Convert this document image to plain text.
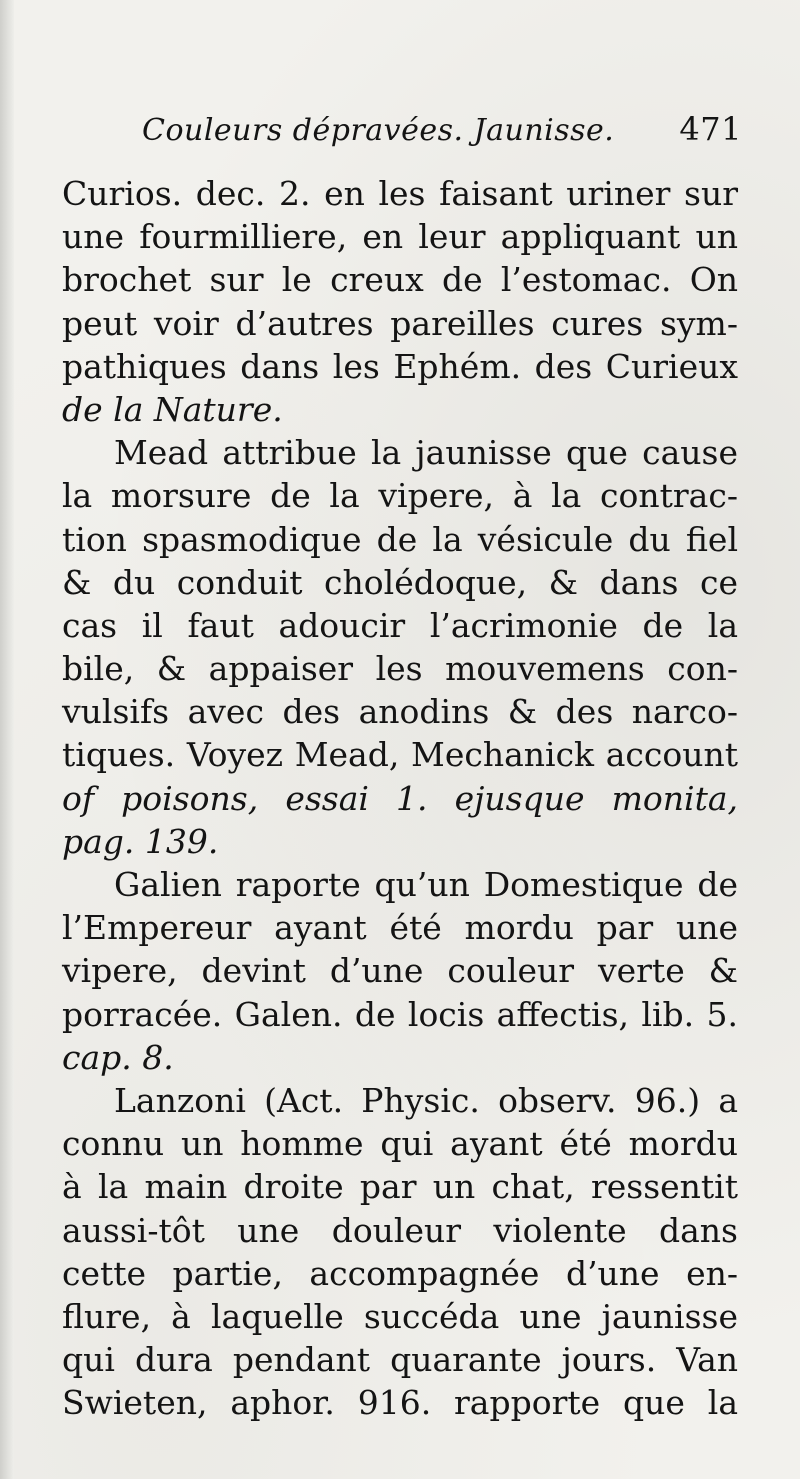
Couleurs dépravées. Jaunisse. 471
Curios. dec. 2. en les faisant uriner sur
une fourmilliere, en leur appliquant un
brochet sur le creux de l’estomac. On
peut voir d’autres pareilles cures sym-
pathiques dans les Ephém. des Curieux
de la Nature.
Mead attribue la jaunisse que cause
la morsure de la vipere, à la contrac-
tion spasmodique de la vésicule du fiel
& du conduit cholédoque, & dans ce
cas il faut adoucir l’acrimonie de la
bile, & appaiser les mouvemens con-
vulsifs avec des anodins & des narco-
tiques. Voyez Mead, Mechanick account
of poisons, essai 1. ejusque monita,
pag. 139.
Galien raporte qu’un Domestique de
l’Empereur ayant été mordu par une
vipere, devint d’une couleur verte &
porracée. Galen. de locis affectis, lib. 5.
cap. 8.
Lanzoni (Act. Physic. observ. 96.) a
connu un homme qui ayant été mordu
à la main droite par un chat, ressentit
aussi-tôt une douleur violente dans
cette partie, accompagnée d’une en-
flure, à laquelle succéda une jaunisse
qui dura pendant quarante jours. Van
Swieten, aphor. 916. rapporte que la
